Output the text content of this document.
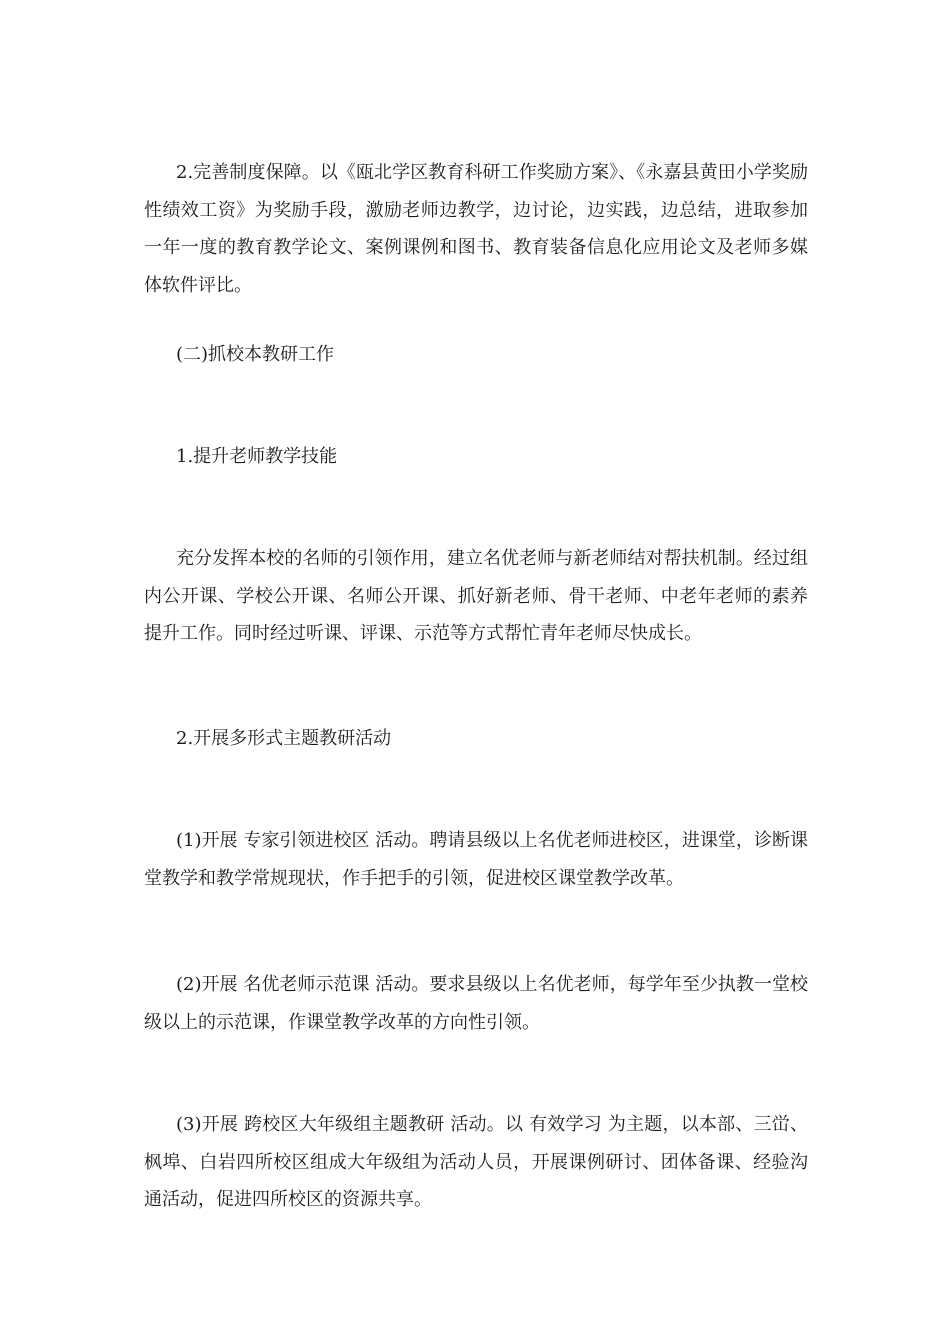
2.完善制度保障。以《瓯北学区教育科研工作奖励方案》、《永嘉县黄田小学奖励性绩效工资》为奖励手段，激励老师边教学，边讨论，边实践，边总结，进取参加一年一度的教育教学论文、案例课例和图书、教育装备信息化应用论文及老师多媒体软件评比。

(二)抓校本教研工作

1.提升老师教学技能

充分发挥本校的名师的引领作用，建立名优老师与新老师结对帮扶机制。经过组内公开课、学校公开课、名师公开课、抓好新老师、骨干老师、中老年老师的素养提升工作。同时经过听课、评课、示范等方式帮忙青年老师尽快成长。

2.开展多形式主题教研活动

(1)开展 专家引领进校区 活动。聘请县级以上名优老师进校区，进课堂，诊断课堂教学和教学常规现状，作手把手的引领，促进校区课堂教学改革。

(2)开展 名优老师示范课 活动。要求县级以上名优老师，每学年至少执教一堂校级以上的示范课，作课堂教学改革的方向性引领。

(3)开展 跨校区大年级组主题教研 活动。以 有效学习 为主题，以本部、三峃、枫埠、白岩四所校区组成大年级组为活动人员，开展课例研讨、团体备课、经验沟通活动，促进四所校区的资源共享。
